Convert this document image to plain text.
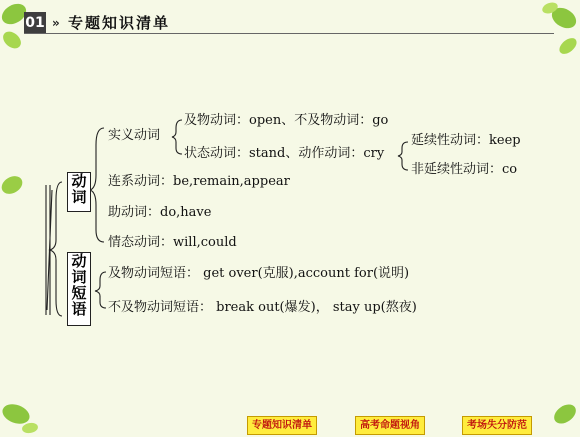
01 » 专题知识清单
动词
动词短语
实义动词
及物动词：open、不及物动词：go
状态动词：stand、动作动词：cry
延续性动词：keep
非延续性动词：co
连系动词：be,remain,appear
助动词：do,have
情态动词：will,could
及物动词短语： get over(克服),account for(说明)
不及物动词短语： break out(爆发)， stay up(熬夜)
专题知识清单	高考命题视角	考场失分防范
